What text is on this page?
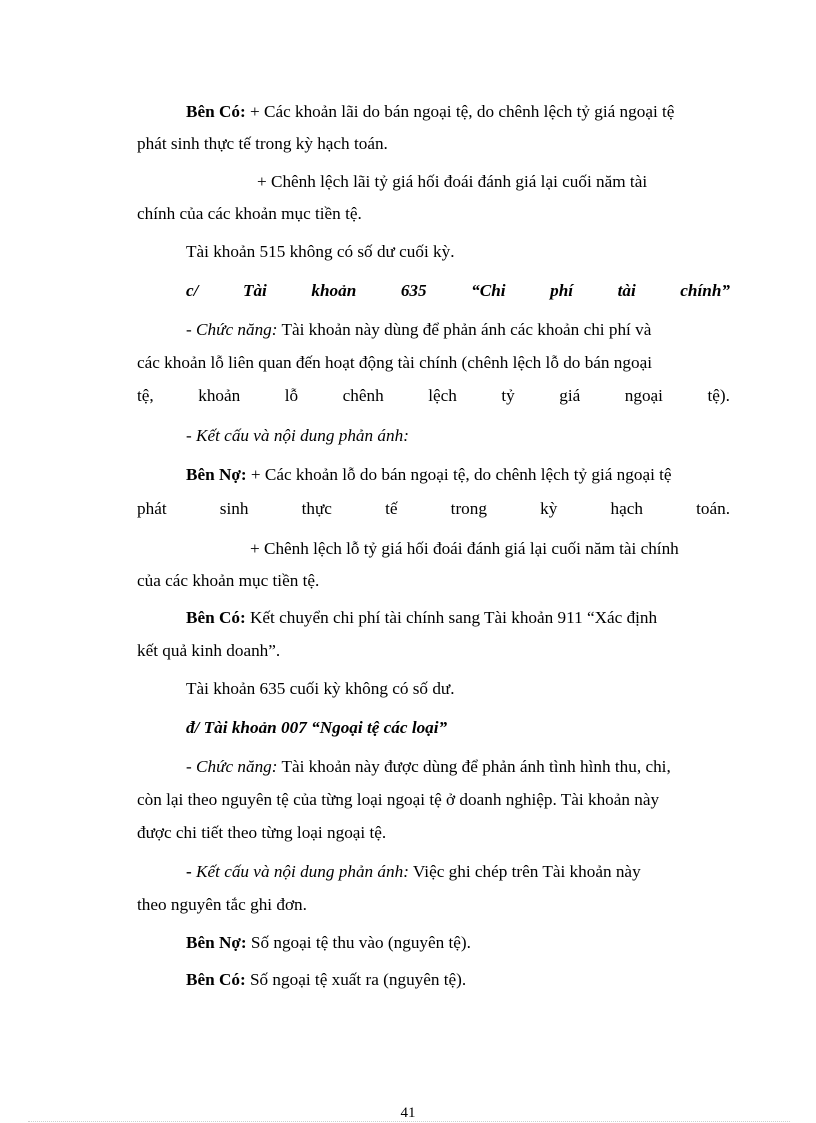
Bên Có: + Các khoản lãi do bán ngoại tệ, do chênh lệch tỷ giá ngoại tệ
phát sinh thực tế trong kỳ hạch toán.
+ Chênh lệch lãi tỷ giá hối đoái đánh giá lại cuối năm tài
chính của các khoản mục tiền tệ.
Tài khoản 515 không có số dư cuối kỳ.
c/	Tài	khoản	635	“Chi	phí	tài	chính”
- Chức năng: Tài khoản này dùng để phản ánh các khoản chi phí và
các khoản lỗ liên quan đến hoạt động tài chính (chênh lệch lỗ do bán ngoại
tệ,	khoản	lỗ	chênh	lệch	tỷ	giá	ngoại	tệ).
- Kết cấu và nội dung phản ánh:
Bên Nợ: + Các khoản lỗ do bán ngoại tệ, do chênh lệch tỷ giá ngoại tệ
phát	sinh	thực	tế	trong	kỳ	hạch	toán.
+ Chênh lệch lỗ tỷ giá hối đoái đánh giá lại cuối năm tài chính
của các khoản mục tiền tệ.
Bên Có: Kết chuyển chi phí tài chính sang Tài khoản 911 “Xác định
kết quả kinh doanh”.
Tài khoản 635 cuối kỳ không có số dư.
đ/ Tài khoản 007 “Ngoại tệ các loại”
- Chức năng: Tài khoản này được dùng để phản ánh tình hình thu, chi,
còn lại theo nguyên tệ của từng loại ngoại tệ ở doanh nghiệp. Tài khoản này
được chi tiết theo từng loại ngoại tệ.
- Kết cấu và nội dung phản ánh: Việc ghi chép trên Tài khoản này
theo nguyên tắc ghi đơn.
Bên Nợ: Số ngoại tệ thu vào (nguyên tệ).
Bên Có: Số ngoại tệ xuất ra (nguyên tệ).
41
